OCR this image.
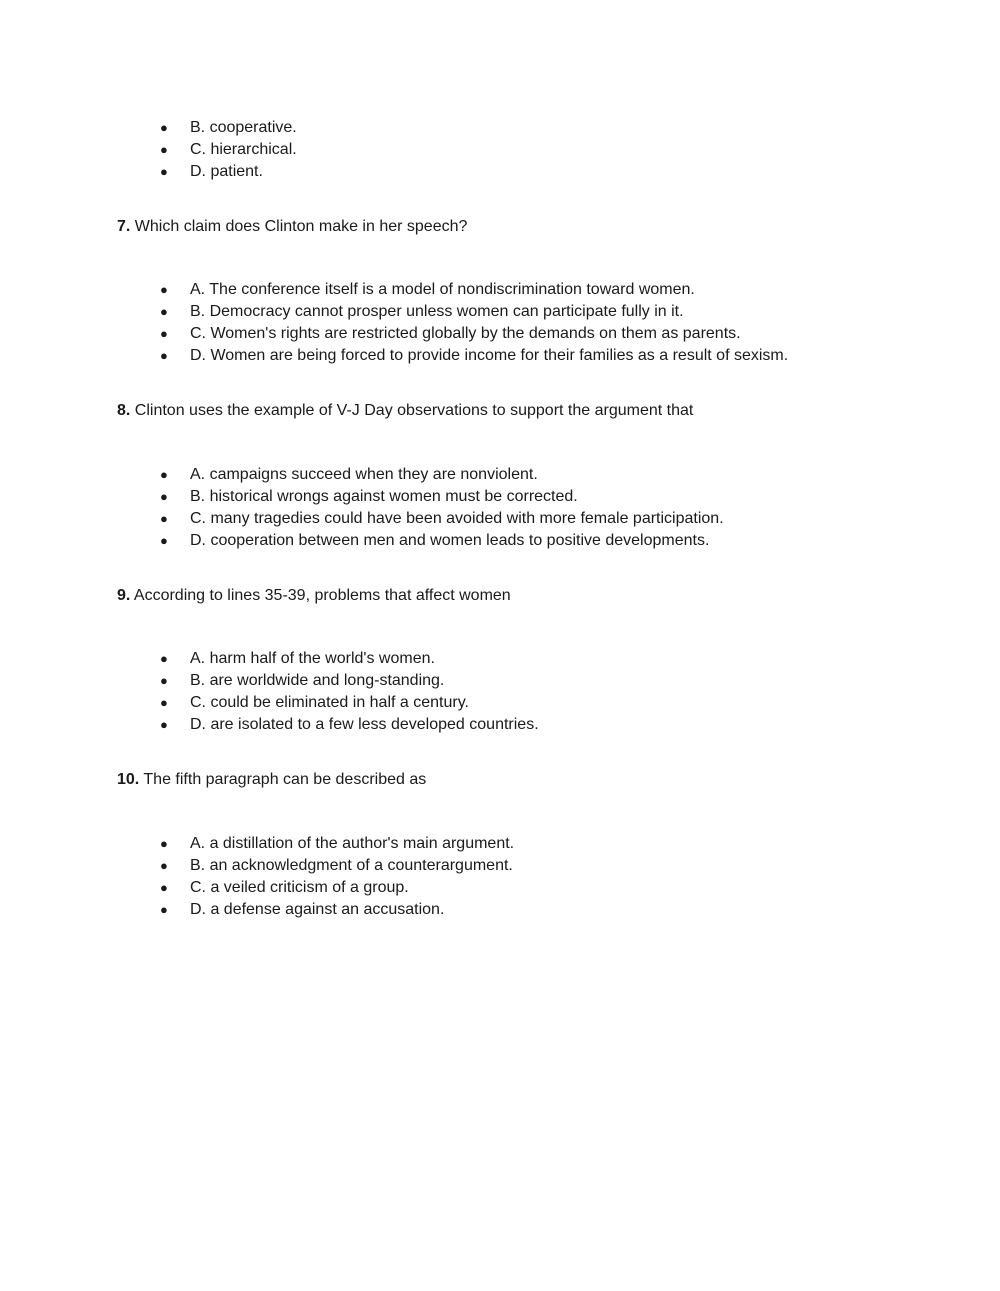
● B. cooperative.
● C. hierarchical.
● D. patient.

7. Which claim does Clinton make in her speech?

● A. The conference itself is a model of nondiscrimination toward women.
● B. Democracy cannot prosper unless women can participate fully in it.
● C. Women's rights are restricted globally by the demands on them as parents.
● D. Women are being forced to provide income for their families as a result of sexism.

8. Clinton uses the example of V-J Day observations to support the argument that

● A. campaigns succeed when they are nonviolent.
● B. historical wrongs against women must be corrected.
● C. many tragedies could have been avoided with more female participation.
● D. cooperation between men and women leads to positive developments.

9. According to lines 35-39, problems that affect women

● A. harm half of the world's women.
● B. are worldwide and long-standing.
● C. could be eliminated in half a century.
● D. are isolated to a few less developed countries.

10. The fifth paragraph can be described as

● A. a distillation of the author's main argument.
● B. an acknowledgment of a counterargument.
● C. a veiled criticism of a group.
● D. a defense against an accusation.
